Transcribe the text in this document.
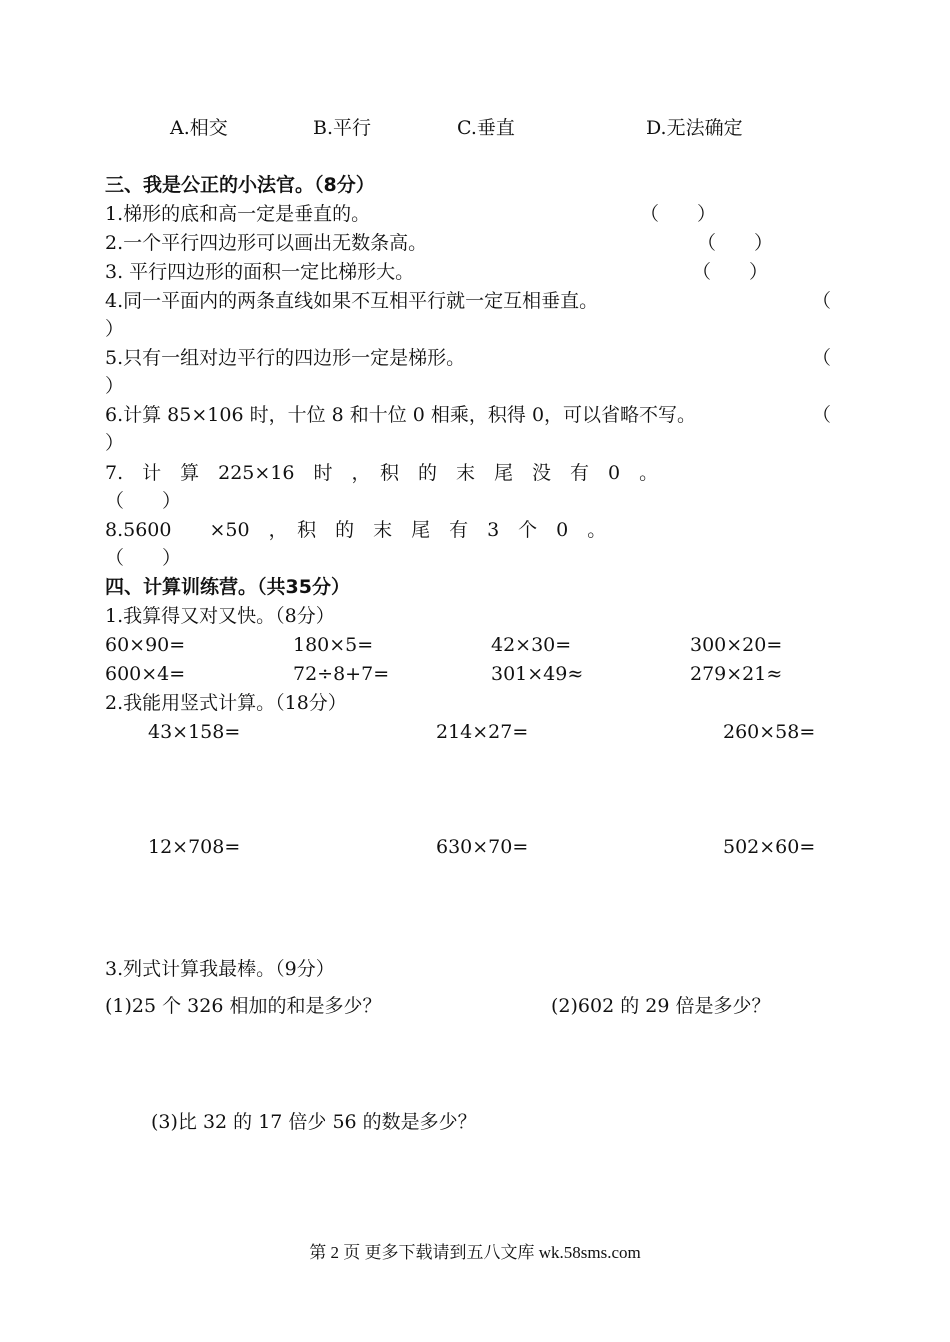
A.相交	B.平行	C.垂直	D.无法确定
三、我是公正的小法官。（8分）
1.梯形的底和高一定是垂直的。	（　　）
2.一个平行四边形可以画出无数条高。	（　　）
3. 平行四边形的面积一定比梯形大。	（　　）
4.同一平面内的两条直线如果不互相平行就一定互相垂直。	（
）
5.只有一组对边平行的四边形一定是梯形。	（
）
6.计算 85×106 时，十位 8 和十位 0 相乘，积得 0，可以省略不写。	（
）
7.　计　算　225×16　时　，　积　的　末　尾　没　有　0　。
（　　）
8.5600　　×50　，　积　的　末　尾　有　3　个　0　。
（　　）
四、计算训练营。（共35分）
1.我算得又对又快。（8分）
60×90=	180×5=	42×30=	300×20=
600×4=	72÷8+7=	301×49≈	279×21≈
2.我能用竖式计算。（18分）
43×158=	214×27=	260×58=
12×708=	630×70=	502×60=
3.列式计算我最棒。（9分）
(1)25 个 326 相加的和是多少？	(2)602 的 29 倍是多少？
(3)比 32 的 17 倍少 56 的数是多少？
第 2 页 更多下载请到五八文库 wk.58sms.com
